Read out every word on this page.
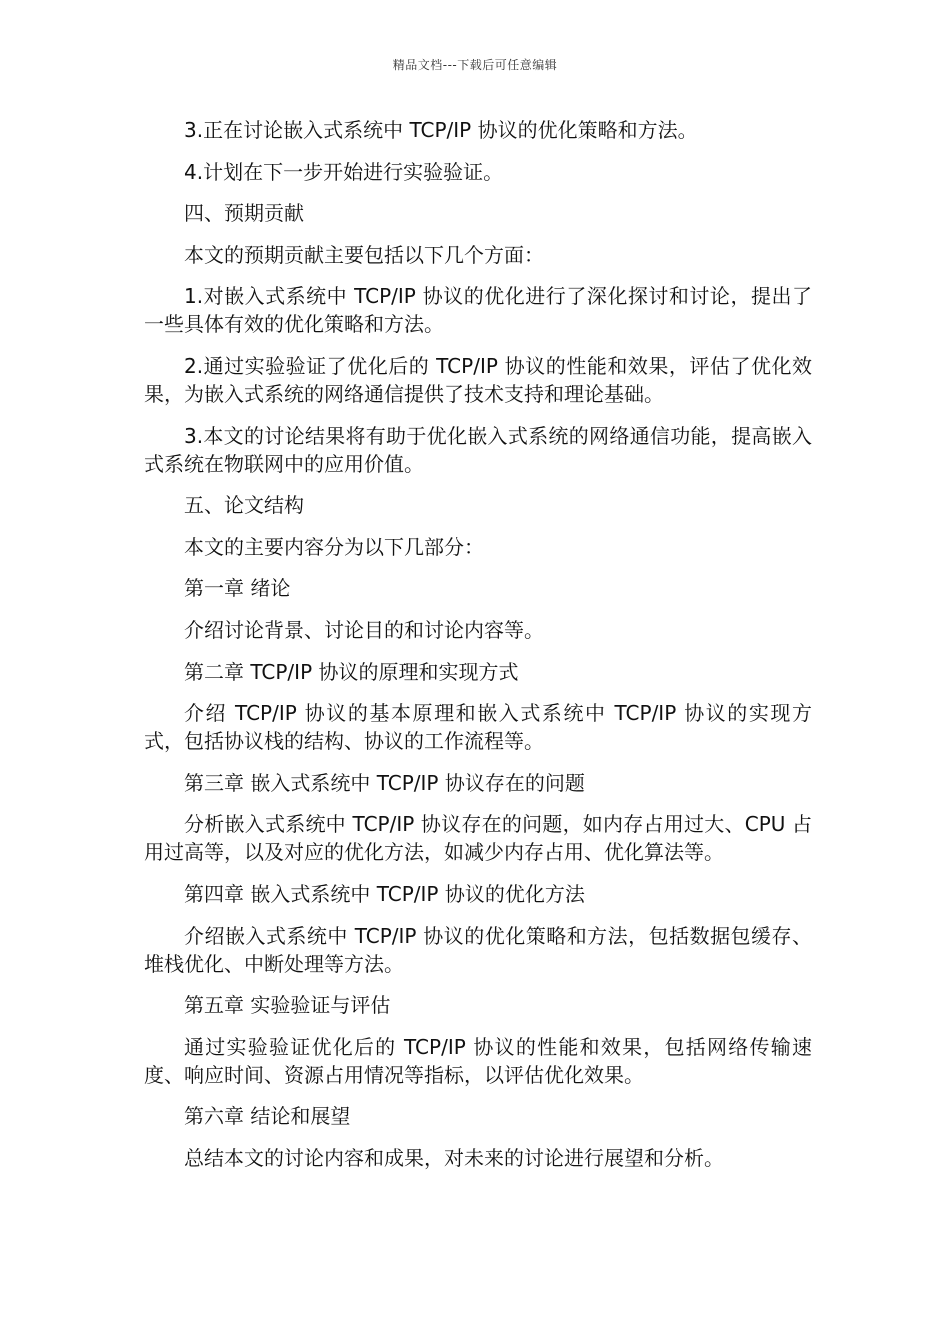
精品文档---下载后可任意编辑

3.正在讨论嵌入式系统中 TCP/IP 协议的优化策略和方法。

4.计划在下一步开始进行实验验证。

四、预期贡献

本文的预期贡献主要包括以下几个方面：

1.对嵌入式系统中 TCP/IP 协议的优化进行了深化探讨和讨论，提出了一些具体有效的优化策略和方法。

2.通过实验验证了优化后的 TCP/IP 协议的性能和效果，评估了优化效果，为嵌入式系统的网络通信提供了技术支持和理论基础。

3.本文的讨论结果将有助于优化嵌入式系统的网络通信功能，提高嵌入式系统在物联网中的应用价值。

五、论文结构

本文的主要内容分为以下几部分：

第一章 绪论

介绍讨论背景、讨论目的和讨论内容等。

第二章 TCP/IP 协议的原理和实现方式

介绍 TCP/IP 协议的基本原理和嵌入式系统中 TCP/IP 协议的实现方式，包括协议栈的结构、协议的工作流程等。

第三章 嵌入式系统中 TCP/IP 协议存在的问题

分析嵌入式系统中 TCP/IP 协议存在的问题，如内存占用过大、CPU 占用过高等，以及对应的优化方法，如减少内存占用、优化算法等。

第四章 嵌入式系统中 TCP/IP 协议的优化方法

介绍嵌入式系统中 TCP/IP 协议的优化策略和方法，包括数据包缓存、堆栈优化、中断处理等方法。

第五章 实验验证与评估

通过实验验证优化后的 TCP/IP 协议的性能和效果，包括网络传输速度、响应时间、资源占用情况等指标，以评估优化效果。

第六章 结论和展望

总结本文的讨论内容和成果，对未来的讨论进行展望和分析。
